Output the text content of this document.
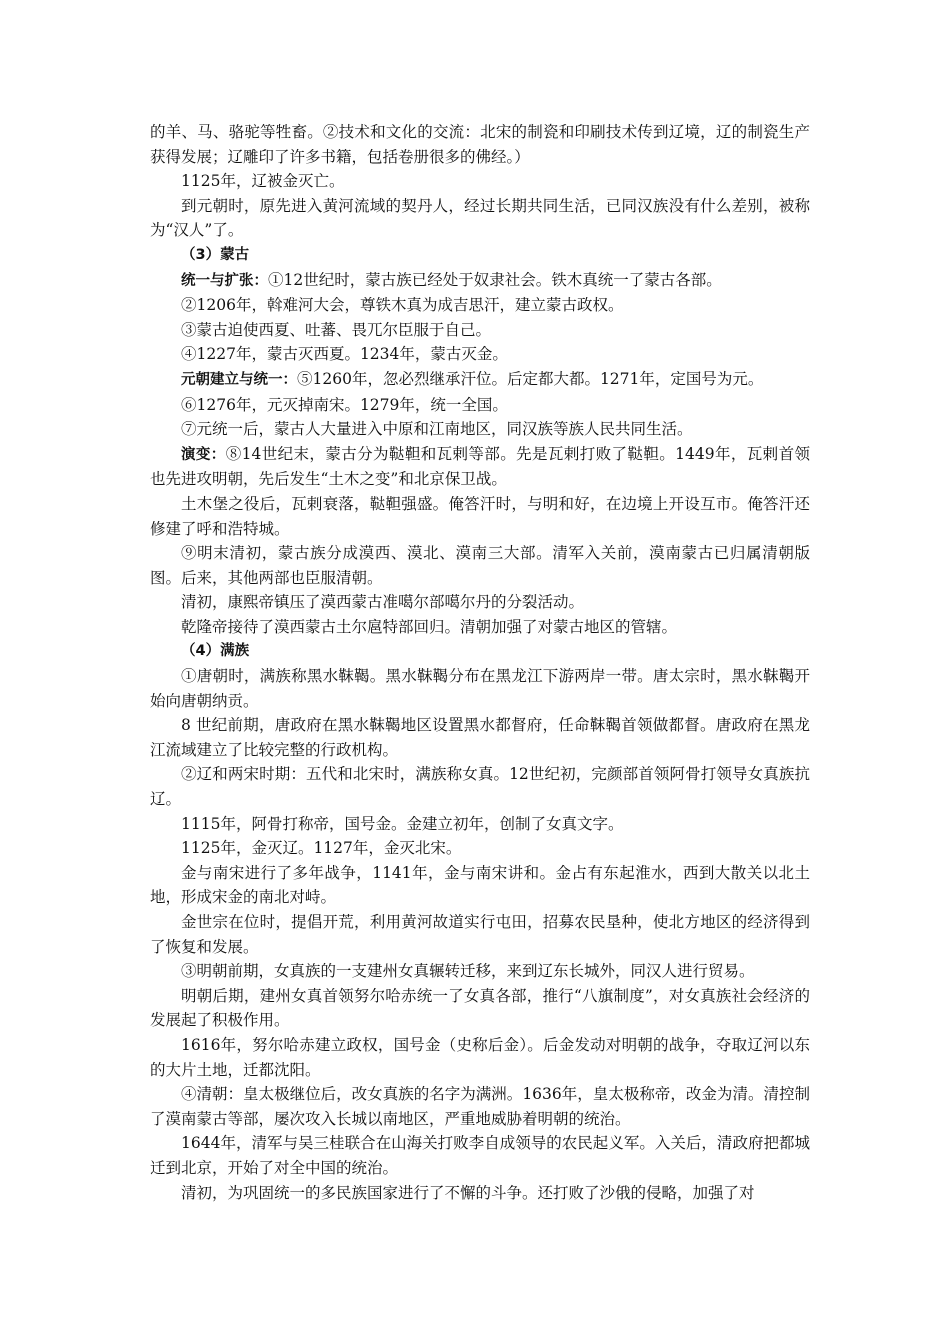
的羊、马、骆驼等牲畜。②技术和文化的交流：北宋的制瓷和印刷技术传到辽境，辽的制瓷生产获得发展；辽雕印了许多书籍，包括卷册很多的佛经。）

1125年，辽被金灭亡。

到元朝时，原先进入黄河流域的契丹人，经过长期共同生活，已同汉族没有什么差别，被称为“汉人”了。

（3）蒙古

统一与扩张：①12世纪时，蒙古族已经处于奴隶社会。铁木真统一了蒙古各部。

②1206年，斡难河大会，尊铁木真为成吉思汗，建立蒙古政权。

③蒙古迫使西夏、吐蕃、畏兀尔臣服于自己。

④1227年，蒙古灭西夏。1234年，蒙古灭金。

元朝建立与统一：⑤1260年，忽必烈继承汗位。后定都大都。1271年，定国号为元。

⑥1276年，元灭掉南宋。1279年，统一全国。

⑦元统一后，蒙古人大量进入中原和江南地区，同汉族等族人民共同生活。

演变：⑧14世纪末，蒙古分为鞑靼和瓦剌等部。先是瓦剌打败了鞑靼。1449年，瓦剌首领也先进攻明朝，先后发生“土木之变”和北京保卫战。

土木堡之役后，瓦剌衰落，鞑靼强盛。俺答汗时，与明和好，在边境上开设互市。俺答汗还修建了呼和浩特城。

⑨明末清初，蒙古族分成漠西、漠北、漠南三大部。清军入关前，漠南蒙古已归属清朝版图。后来，其他两部也臣服清朝。

清初，康熙帝镇压了漠西蒙古准噶尔部噶尔丹的分裂活动。

乾隆帝接待了漠西蒙古土尔扈特部回归。清朝加强了对蒙古地区的管辖。

（4）满族

①唐朝时，满族称黑水靺鞨。黑水靺鞨分布在黑龙江下游两岸一带。唐太宗时，黑水靺鞨开始向唐朝纳贡。

8 世纪前期，唐政府在黑水靺鞨地区设置黑水都督府，任命靺鞨首领做都督。唐政府在黑龙江流域建立了比较完整的行政机构。

②辽和两宋时期：五代和北宋时，满族称女真。12世纪初，完颜部首领阿骨打领导女真族抗辽。

1115年，阿骨打称帝，国号金。金建立初年，创制了女真文字。

1125年，金灭辽。1127年，金灭北宋。

金与南宋进行了多年战争，1141年，金与南宋讲和。金占有东起淮水，西到大散关以北土地，形成宋金的南北对峙。

金世宗在位时，提倡开荒，利用黄河故道实行屯田，招募农民垦种，使北方地区的经济得到了恢复和发展。

③明朝前期，女真族的一支建州女真辗转迁移，来到辽东长城外，同汉人进行贸易。

明朝后期，建州女真首领努尔哈赤统一了女真各部，推行“八旗制度”，对女真族社会经济的发展起了积极作用。

1616年，努尔哈赤建立政权，国号金（史称后金）。后金发动对明朝的战争，夺取辽河以东的大片土地，迁都沈阳。

④清朝：皇太极继位后，改女真族的名字为满洲。1636年，皇太极称帝，改金为清。清控制了漠南蒙古等部，屡次攻入长城以南地区，严重地威胁着明朝的统治。

1644年，清军与吴三桂联合在山海关打败李自成领导的农民起义军。入关后，清政府把都城迁到北京，开始了对全中国的统治。

清初，为巩固统一的多民族国家进行了不懈的斗争。还打败了沙俄的侵略，加强了对
